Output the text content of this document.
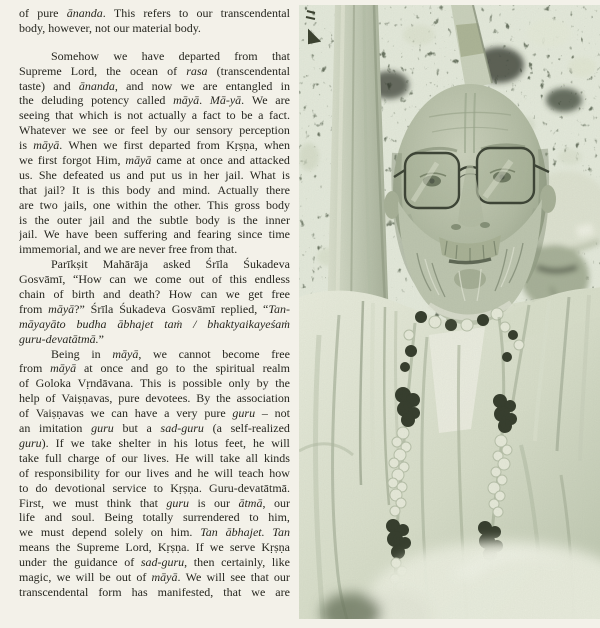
of pure ānanda. This refers to our transcendental
body, however, not our material body.
Somehow we have departed from that
Supreme Lord, the ocean of rasa (transcendental
taste) and ānanda, and now we are entangled in
the deluding potency called māyā. Mā-yā. We are
seeing that which is not actually a fact to be a fact.
Whatever we see or feel by our sensory perception
is māyā. When we first departed from Kṛṣṇa, when
we first forgot Him, māyā came at once and attacked
us. She defeated us and put us in her jail. What is
that jail? It is this body and mind. Actually there
are two jails, one within the other. This gross body
is the outer jail and the subtle body is the inner
jail. We have been suffering and fearing since time
immemorial, and we are never free from that.
Parīkṣit Mahārāja asked Śrīla Śukadeva
Gosvāmī, “How can we come out of this endless
chain of birth and death? How can we get free
from māyā?” Śrīla Śukadeva Gosvāmī replied, “Tan-
māyayāto budha ābhajet taṁ / bhaktyaikayeśaṁ
guru-devatātmā.”
Being in māyā, we cannot become free
from māyā at once and go to the spiritual realm
of Goloka Vṛndāvana. This is possible only by the
help of Vaiṣṇavas, pure devotees. By the association
of Vaiṣṇavas we can have a very pure guru – not
an imitation guru but a sad-guru (a self-realized
guru). If we take shelter in his lotus feet, he will
take full charge of our lives. He will take all kinds
of responsibility for our lives and he will teach how
to do devotional service to Kṛṣṇa. Guru-devatātmā.
First, we must think that guru is our ātmā, our
life and soul. Being totally surrendered to him,
we must depend solely on him. Tan ābhajet. Tan
means the Supreme Lord, Kṛṣṇa. If we serve Kṛṣṇa
under the guidance of sad-guru, then certainly, like
magic, we will be out of māyā. We will see that our
transcendental form has manifested, that we are
